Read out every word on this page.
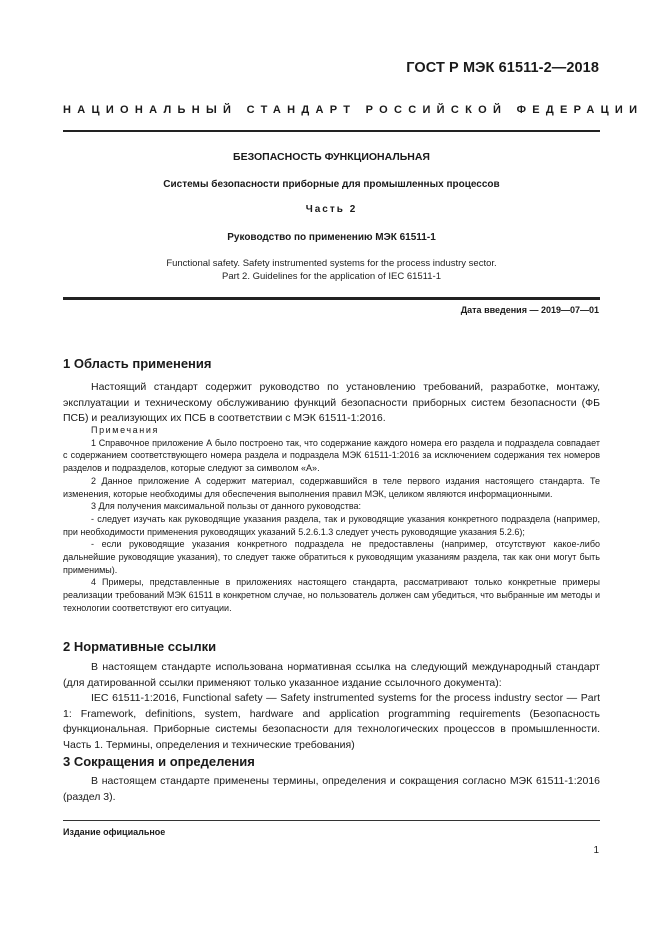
ГОСТ Р МЭК 61511-2—2018
НАЦИОНАЛЬНЫЙ СТАНДАРТ РОССИЙСКОЙ ФЕДЕРАЦИИ
БЕЗОПАСНОСТЬ ФУНКЦИОНАЛЬНАЯ
Системы безопасности приборные для промышленных процессов
Часть 2
Руководство по применению МЭК 61511-1
Functional safety. Safety instrumented systems for the process industry sector.
Part 2. Guidelines for the application of IEC 61511-1
Дата введения — 2019—07—01
1 Область применения

Настоящий стандарт содержит руководство по установлению требований, разработке, монтажу, эксплуатации и техническому обслуживанию функций безопасности приборных систем безопасности (ФБ ПСБ) и реализующих их ПСБ в соответствии с МЭК 61511-1:2016.

Примечания

1 Справочное приложение А было построено так, что содержание каждого номера его раздела и подраздела совпадает с содержанием соответствующего номера раздела и подраздела МЭК 61511-1:2016 за исключением содержания тех номеров разделов и подразделов, которые следуют за символом «А».

2 Данное приложение А содержит материал, содержавшийся в теле первого издания настоящего стандарта. Те изменения, которые необходимы для обеспечения выполнения правил МЭК, целиком являются информационными.

3 Для получения максимальной пользы от данного руководства:

- следует изучать как руководящие указания раздела, так и руководящие указания конкретного подраздела (например, при необходимости применения руководящих указаний 5.2.6.1.3 следует учесть руководящие указания 5.2.6);

- если руководящие указания конкретного подраздела не предоставлены (например, отсутствуют какое-либо дальнейшие руководящие указания), то следует также обратиться к руководящим указаниям раздела, так как они могут быть применимы).

4 Примеры, представленные в приложениях настоящего стандарта, рассматривают только конкретные примеры реализации требований МЭК 61511 в конкретном случае, но пользователь должен сам убедиться, что выбранные им методы и технологии соответствуют его ситуации.

2 Нормативные ссылки

В настоящем стандарте использована нормативная ссылка на следующий международный стандарт (для датированной ссылки применяют только указанное издание ссылочного документа):

IEC 61511-1:2016, Functional safety — Safety instrumented systems for the process industry sector — Part 1: Framework, definitions, system, hardware and application programming requirements (Безопасность функциональная. Приборные системы безопасности для технологических процессов в промышленности. Часть 1. Термины, определения и технические требования)

3 Сокращения и определения

В настоящем стандарте применены термины, определения и сокращения согласно МЭК 61511-1:2016 (раздел 3).

Издание официальное
1
